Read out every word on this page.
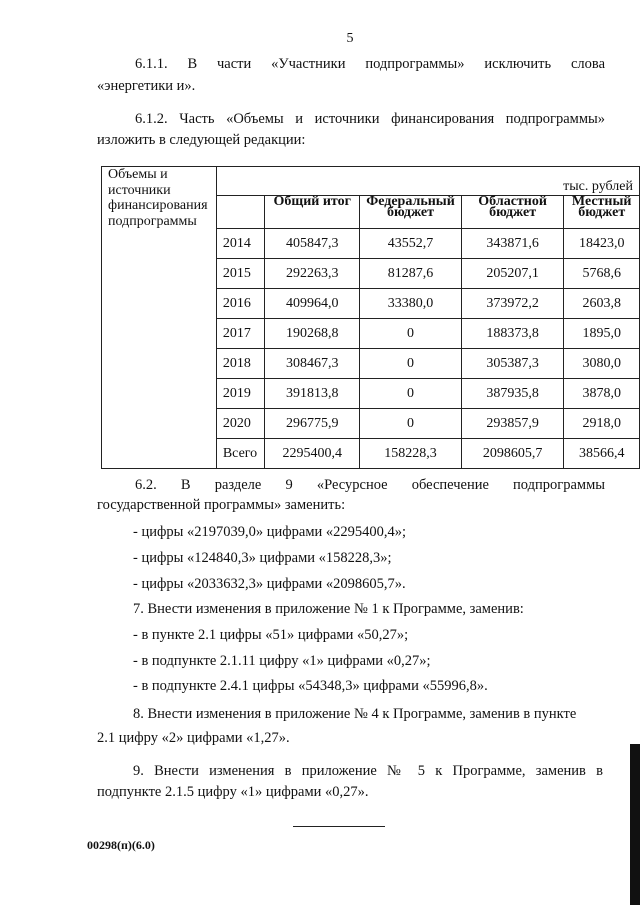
5
6.1.1. В части «Участники подпрограммы» исключить слова
«энергетики и».
6.1.2. Часть «Объемы и источники финансирования подпрограммы»
изложить в следующей редакции:
Объемы и источники финансирования подпрограммы	тыс. рублей				
		Общий итог	Федеральный бюджет	Областной бюджет	Местный бюджет
	2014	405847,3	43552,7	343871,6	18423,0
	2015	292263,3	81287,6	205207,1	5768,6
	2016	409964,0	33380,0	373972,2	2603,8
	2017	190268,8	0	188373,8	1895,0
	2018	308467,3	0	305387,3	3080,0
	2019	391813,8	0	387935,8	3878,0
	2020	296775,9	0	293857,9	2918,0
	Всего	2295400,4	158228,3	2098605,7	38566,4
6.2. В разделе 9 «Ресурсное обеспечение подпрограммы
государственной программы» заменить:
- цифры «2197039,0» цифрами «2295400,4»;
- цифры «124840,3» цифрами «158228,3»;
- цифры «2033632,3» цифрами «2098605,7».
7. Внести изменения в приложение № 1 к Программе, заменив:
- в пункте 2.1 цифры «51» цифрами «50,27»;
- в подпункте 2.1.11 цифру «1» цифрами «0,27»;
- в подпункте 2.4.1 цифры «54348,3» цифрами «55996,8».
8. Внести изменения в приложение № 4 к Программе, заменив в пункте
2.1 цифру «2» цифрами «1,27».
9. Внести изменения в приложение № 5 к Программе, заменив в
подпункте 2.1.5 цифру «1» цифрами «0,27».
00298(п)(6.0)
